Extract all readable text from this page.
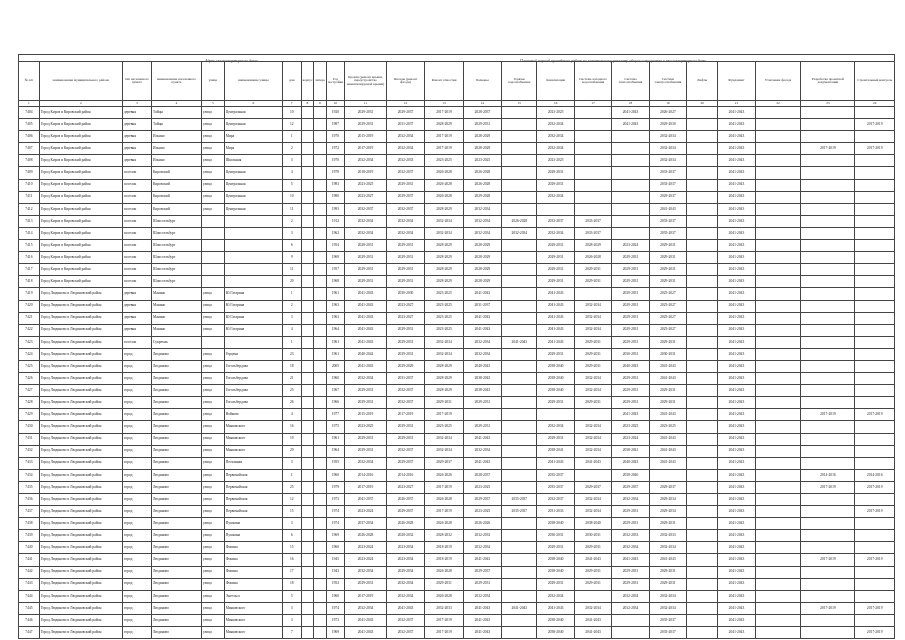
Адрес многоквартирного дома	Плановый период проведения работ по капитальному ремонту общего имущества в многоквартирном доме

№ п/п	наименование муниципального района	тип населенного пункта	наименование населенного пункта	улица	наименование улицы	дом	корпус	литера	Год постройки	Кровля (ремонт крыши, переустройство невентилируемой крыши)	Фасады (ремонт фасада)	Ремонт отмостки	Балконы	Горячее водоснабжение	Канализация	Система холодного водоснабжения	Система теплоснабжения	Система электроснабжения	Лифты	Фундамент	Утепление фасада	Разработка проектной документации	Строительный контроль
1	2	3	4	5	6	7	8	9	10	11	12	13	14	15	16	17	18	19	20	21	22	23	24
7404	Город Киров и Кировский район	деревня	Тайцы	улица	Центральная	10			1920	2029-2031	2029-2037	2017-2019	2028-2037		2023-2025		2041-2043	2026-2027		2041-2043			
7405	Город Киров и Кировский район	деревня	Тайцы	улица	Центральная	12			1987	2029-2031	2031-2037	2028-2029	2029-2031		2032-2034		2041-2043	2029-2030		2041-2043			2017-2019
7406	Город Киров и Кировский район	деревня	Ильино	улица	Мира	1			1970	2015-2019	2032-2034	2017-2019	2028-2029		2032-2034			2032-2034		2041-2043			
7407	Город Киров и Кировский район	деревня	Ильино	улица	Мира	2			1972	2017-2019	2032-2034	2017-2019	2028-2029		2032-2034			2032-2034		2041-2043		2017-2019	2017-2019
7408	Город Киров и Кировский район	деревня	Ильино	улица	Школьная	3			1970	2032-2034	2032-2033	2023-2025	2023-2025		2023-2025			2032-2034		2041-2043			
7409	Город Киров и Кировский район	поселок	Кировский	улица	Центральная	4			1978	2018-2019	2032-2037	2026-2028	2026-2028		2029-2031			2033-2037		2041-2043			
7410	Город Киров и Кировский район	поселок	Кировский	улица	Центральная	5			1983	2023-2025	2029-2031	2026-2028	2026-2028		2029-2031			2033-2037		2041-2043			
7411	Город Киров и Кировский район	поселок	Кировский	улица	Центральная	10			1980	2023-2027	2029-2037	2026-2028	2029-2028		2032-2034			2029-2037		2041-2043			
7412	Город Киров и Кировский район	поселок	Кировский	улица	Центральная	11			1993	2032-2037	2032-2037	2028-2029	2032-2034					2041-2043		2041-2043			
7413	Город Киров и Кировский район	поселок	Шлиссельбург			2			1912	2032-2034	2032-2034	2032-2034	2032-2034	2026-2028	2033-2037	2033-2037		2033-2037		2041-2043			
7414	Город Киров и Кировский район	поселок	Шлиссельбург			3			1962	2032-2034	2032-2034	2032-2034	2032-2034	2032-2034	2032-2034	2033-2037		2035-2037		2041-2043			
7415	Город Киров и Кировский район	поселок	Шлиссельбург			6			1954	2028-2031	2029-2031	2028-2029	2028-2029		2029-2031	2028-2029	2023-2024	2029-2031		2041-2043			
7416	Город Киров и Кировский район	поселок	Шлиссельбург			9			1969	2029-2031	2029-2031	2028-2029	2028-2029		2029-2031	2026-2028	2029-2031	2029-2031		2041-2043			
7417	Город Киров и Кировский район	поселок	Шлиссельбург			11			1957	2029-2031	2029-2031	2028-2029	2028-2029		2029-2031	2029-2031	2029-2031	2029-2031		2041-2043			
7418	Город Киров и Кировский район	поселок	Шлиссельбург			20			1968	2029-2031	2029-2031	2028-2029	2028-2029		2029-2031	2029-2031	2029-2031	2029-2031		2041-2043			
7419	Город Людиново и Людиновский район	деревня	Манино	улица	Ю.Гагарина	1			1961	2041-2043	2030-2030	2023-2025	2041-2043		2041-2043		2030-2031	2025-2027		2041-2043			
7420	Город Людиново и Людиновский район	деревня	Манино	улица	Ю.Гагарина	2			1963	2041-2043	2023-2027	2023-2025	2031-2037		2041-2043	2032-2034	2029-2031	2025-2027		2041-2043			
7421	Город Людиново и Людиновский район	деревня	Манино	улица	Ю.Гагарина	3			1963	2041-2043	2023-2027	2023-2025	2041-2043		2041-2043	2032-2034	2029-2031	2025-2027		2041-2043			
7422	Город Людиново и Людиновский район	деревня	Манино	улица	Ю.Гагарина	4			1964	2041-2043	2029-2031	2023-2025	2041-2043		2041-2043	2032-2034	2029-2031	2025-2027		2041-2043			
7423	Город Людиново и Людиновский район	поселок	Сукремль			1			1961	2041-2043	2029-2031	2032-2034	2032-2034	2041-2043	2041-2043	2029-2031	2029-2031	2029-2031		2041-2043			
7424	Город Людиново и Людиновский район	город	Людиново	улица	Герцена	23			1961	2040-2042	2029-2031	2032-2034	2032-2034		2029-2031	2029-2031	2030-2031	2030-2031		2041-2043			
7425	Город Людиново и Людиновский район	город	Людиново	улица	Гогольбердова	18			2005	2041-2043	2029-2029	2028-2029	2040-2043		2038-2040	2029-2031	2040-2043	2041-2043		2041-2043			
7426	Город Людиново и Людиновский район	город	Людиново	улица	Гогольбердова	21			1960	2032-2034	2031-2037	2028-2029	2038-2043		2038-2040	2032-2034	2029-2031	2041-2043		2041-2043			
7427	Город Людиново и Людиновский район	город	Людиново	улица	Гогольбердова	25			1967	2029-2031	2032-2037	2028-2029	2038-2043		2038-2040	2032-2034	2029-2031	2029-2031		2041-2043			
7428	Город Людиново и Людиновский район	город	Людиново	улица	Гогольбердова	26			1966	2029-2031	2032-2037	2029-2031	2029-2031		2029-2031	2029-2031	2029-2031	2029-2031		2041-2043			
7429	Город Людиново и Людиновский район	город	Людиново	улица	Войкова	4			1977	2015-2019	2017-2019	2017-2019					2041-2043	2041-2043		2041-2043		2017-2019	2017-2019
7430	Город Людиново и Людиновский район	город	Людиново	улица	Маяковского	16			1975	2023-2025	2029-2031	2023-2025	2029-2031		2032-2034	2032-2034	2023-2025	2023-2025		2041-2043			
7431	Город Людиново и Людиновский район	город	Людиново	улица	Маяковского	19			1961	2029-2031	2029-2031	2032-2034	2041-2043		2029-2031	2032-2034	2023-2024	2041-2043		2041-2043			
7432	Город Людиново и Людиновский район	город	Людиново	улица	Маяковского	29			1964	2029-2031	2032-2037	2032-2034	2032-2034		2038-2041	2032-2034	2038-2041	2041-2043		2041-2043			
7433	Город Людиново и Людиновский район	город	Людиново	улица	Песчанная	3			1955	2032-2034	2029-2037	2029-2037	2041-2043		2041-2043	2041-2043	2040-2043	2041-2043		2041-2043			
7434	Город Людиново и Людиновский район	город	Людиново	улица	Первомайская	1			1960	2014-2016	2014-2016	2026-2026	2028-2037		2035-2037		2038-2040			2041-2043		2014-2016	2014-2016
7435	Город Людиново и Людиновский район	город	Людиново	улица	Первомайская	25			1979	2017-2019	2023-2027	2017-2019	2023-2025		2035-2037	2029-2037	2029-2037	2029-2037		2041-2043		2017-2019	2017-2019
7436	Город Людиново и Людиновский район	город	Людиново	улица	Первомайская	12			1973	2041-2037	2026-2037	2026-2028	2029-2037	2035-2037	2032-2037	2032-2034	2032-2034	2029-2034		2041-2043			
7437	Город Людиново и Людиновский район	город	Людиново	улица	Первомайская	15			1974	2023-2024	2029-2037	2017-2019	2023-2025	2035-2037	2031-2033	2032-2034	2029-2031	2029-2034		2041-2043			2017-2019
7438	Город Людиново и Людиновский район	город	Людиново	улица	Пушкина	3			1974	2037-2034	2026-2028	2026-2028	2026-2026		2038-2040	2038-2040	2029-2031	2029-2031		2041-2043			
7439	Город Людиново и Людиновский район	город	Людиново	улица	Пушкина	6			1969	2026-2028	2028-2032	2028-2032	2032-2033		2030-2031	2030-2031	2032-2033	2032-2033		2041-2043			
7440	Город Людиново и Людиновский район	город	Людиново	улица	Фокина	15			1960	2023-2024	2023-2034	2018-2019	2032-2034		2029-2031	2029-2031	2032-2034	2032-2034		2041-2043			
7441	Город Людиново и Людиновский район	город	Людиново	улица	Фокина	16			1945	2023-2024	2023-2034	2018-2019	2041-2043		2038-2040	2041-2043	2041-2043	2041-2043		2041-2043		2017-2019	2017-2019
7442	Город Людиново и Людиновский район	город	Людиново	улица	Фокина	17			1943	2032-2034	2029-2034	2026-2028	2029-2037		2038-2040	2029-2031	2029-2031	2029-2031		2041-2043			
7443	Город Людиново и Людиновский район	город	Людиново	улица	Фокина	18			1952	2029-2031	2032-2034	2029-2031	2029-2031		2029-2031	2029-2031	2029-2031	2029-2031		2041-2043			
7444	Город Людиново и Людиновский район	город	Людиново	улица	Энгельса	5			1960	2017-2019	2032-2034	2026-2028	2032-2034		2032-2034		2032-2034	2032-2034		2041-2043			
7445	Город Людиново и Людиновский район	город	Людиново	улица	Маяковского	3			1974	2032-2034	2041-2043	2032-2033	2041-2043	2041-2043	2041-2043	2032-2034	2032-2034	2032-2034		2041-2043		2017-2019	2017-2019
7446	Город Людиново и Людиновский район	город	Людиново	улица	Маяковского	3			1973	2041-2043	2032-2037	2017-2019	2041-2043		2038-2040	2041-2043		2035-2037		2041-2043			
7447	Город Людиново и Людиновский район	город	Людиново	улица	Маяковского	7			1969	2041-2043	2032-2037	2017-2019	2041-2043		2038-2040	2041-2043		2035-2037		2041-2043			2017-2019
